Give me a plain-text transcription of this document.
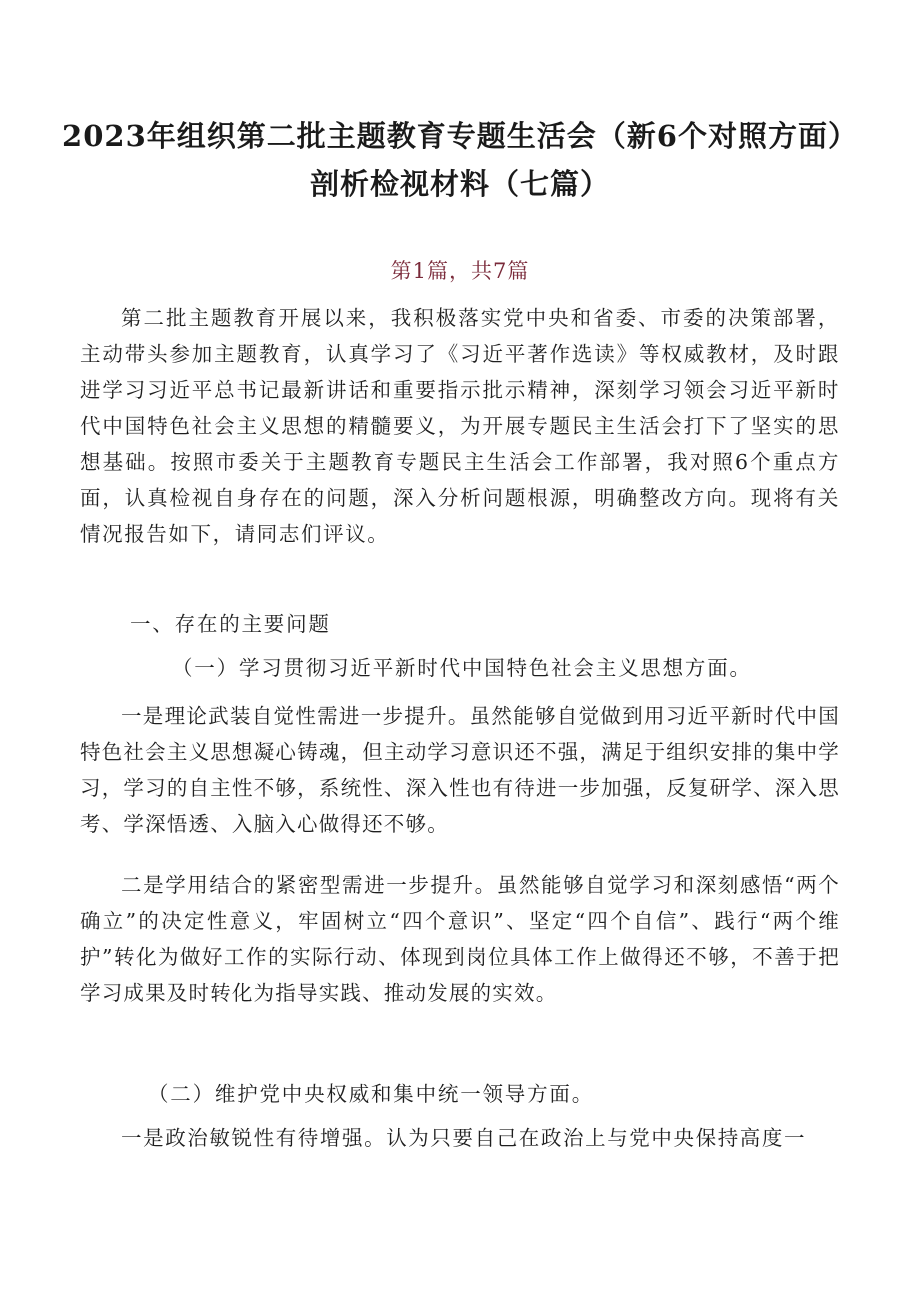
2023年组织第二批主题教育专题生活会（新6个对照方面）剖析检视材料（七篇）
第1篇，共7篇

第二批主题教育开展以来，我积极落实党中央和省委、市委的决策部署，主动带头参加主题教育，认真学习了《习近平著作选读》等权威教材，及时跟进学习习近平总书记最新讲话和重要指示批示精神，深刻学习领会习近平新时代中国特色社会主义思想的精髓要义，为开展专题民主生活会打下了坚实的思想基础。按照市委关于主题教育专题民主生活会工作部署，我对照6个重点方面，认真检视自身存在的问题，深入分析问题根源，明确整改方向。现将有关情况报告如下，请同志们评议。

一、存在的主要问题

（一）学习贯彻习近平新时代中国特色社会主义思想方面。

一是理论武装自觉性需进一步提升。虽然能够自觉做到用习近平新时代中国特色社会主义思想凝心铸魂，但主动学习意识还不强，满足于组织安排的集中学习，学习的自主性不够，系统性、深入性也有待进一步加强，反复研学、深入思考、学深悟透、入脑入心做得还不够。

二是学用结合的紧密型需进一步提升。虽然能够自觉学习和深刻感悟“两个确立”的决定性意义，牢固树立“四个意识”、坚定“四个自信”、践行“两个维护”转化为做好工作的实际行动、体现到岗位具体工作上做得还不够，不善于把学习成果及时转化为指导实践、推动发展的实效。

（二）维护党中央权威和集中统一领导方面。

一是政治敏锐性有待增强。认为只要自己在政治上与党中央保持高度一
